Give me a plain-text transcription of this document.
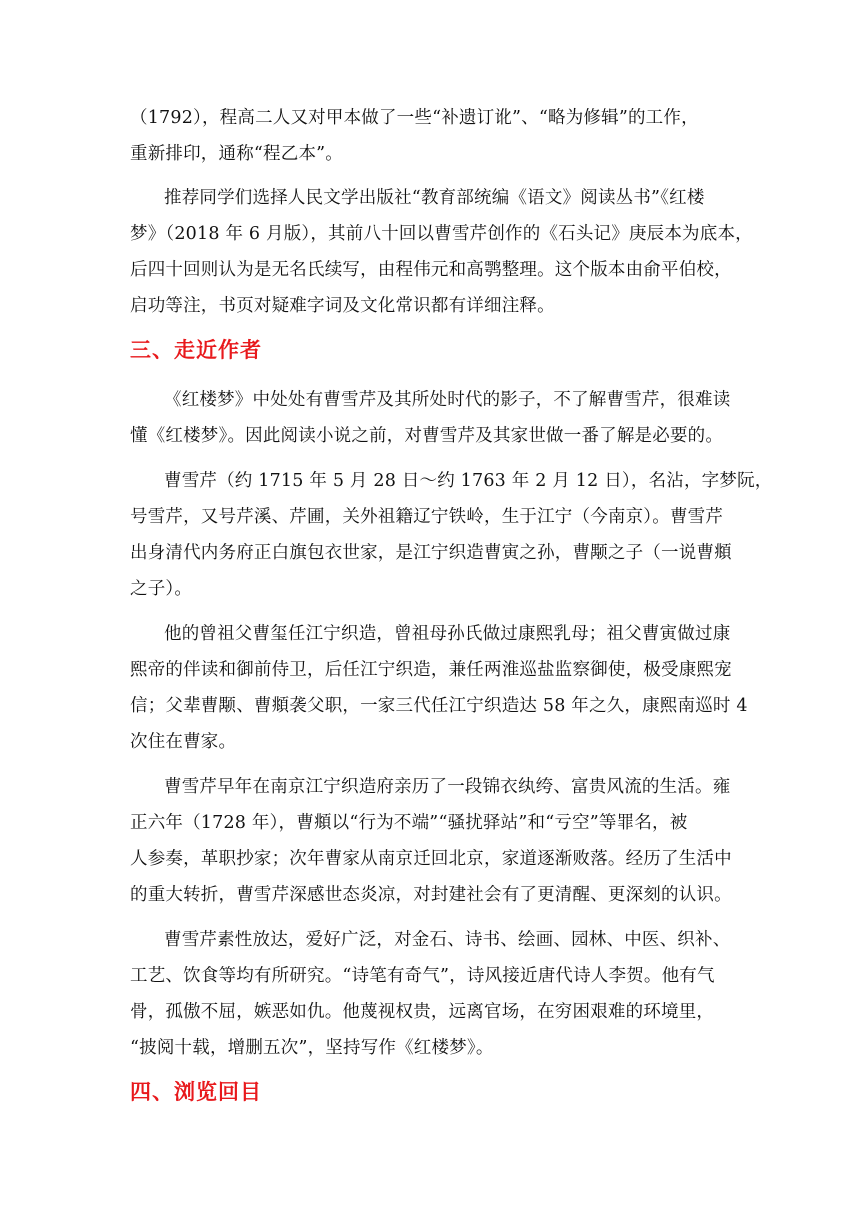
（1792），程高二人又对甲本做了一些“补遗订讹”、“略为修辑”的工作，
重新排印，通称“程乙本”。
推荐同学们选择人民文学出版社“教育部统编《语文》阅读丛书”《红楼
梦》（2018 年 6 月版），其前八十回以曹雪芹创作的《石头记》庚辰本为底本，
后四十回则认为是无名氏续写，由程伟元和高鹗整理。这个版本由俞平伯校，
启功等注，书页对疑难字词及文化常识都有详细注释。
三、走近作者
《红楼梦》中处处有曹雪芹及其所处时代的影子，不了解曹雪芹，很难读
懂《红楼梦》。因此阅读小说之前，对曹雪芹及其家世做一番了解是必要的。
曹雪芹（约 1715 年 5 月 28 日～约 1763 年 2 月 12 日），名沾，字梦阮，
号雪芹，又号芹溪、芹圃，关外祖籍辽宁铁岭，生于江宁（今南京）。曹雪芹
出身清代内务府正白旗包衣世家，是江宁织造曹寅之孙，曹颙之子（一说曹頫
之子）。
他的曾祖父曹玺任江宁织造，曾祖母孙氏做过康熙乳母；祖父曹寅做过康
熙帝的伴读和御前侍卫，后任江宁织造，兼任两淮巡盐监察御使，极受康熙宠
信；父辈曹颙、曹頫袭父职，一家三代任江宁织造达 58 年之久，康熙南巡时 4
次住在曹家。
曹雪芹早年在南京江宁织造府亲历了一段锦衣纨绔、富贵风流的生活。雍
正六年（1728 年），曹頫以“行为不端”“骚扰驿站”和“亏空”等罪名，被
人参奏，革职抄家；次年曹家从南京迁回北京，家道逐渐败落。经历了生活中
的重大转折，曹雪芹深感世态炎凉，对封建社会有了更清醒、更深刻的认识。
曹雪芹素性放达，爱好广泛，对金石、诗书、绘画、园林、中医、织补、
工艺、饮食等均有所研究。“诗笔有奇气”，诗风接近唐代诗人李贺。他有气
骨，孤傲不屈，嫉恶如仇。他蔑视权贵，远离官场，在穷困艰难的环境里，
“披阅十载，增删五次”，坚持写作《红楼梦》。
四、浏览回目
